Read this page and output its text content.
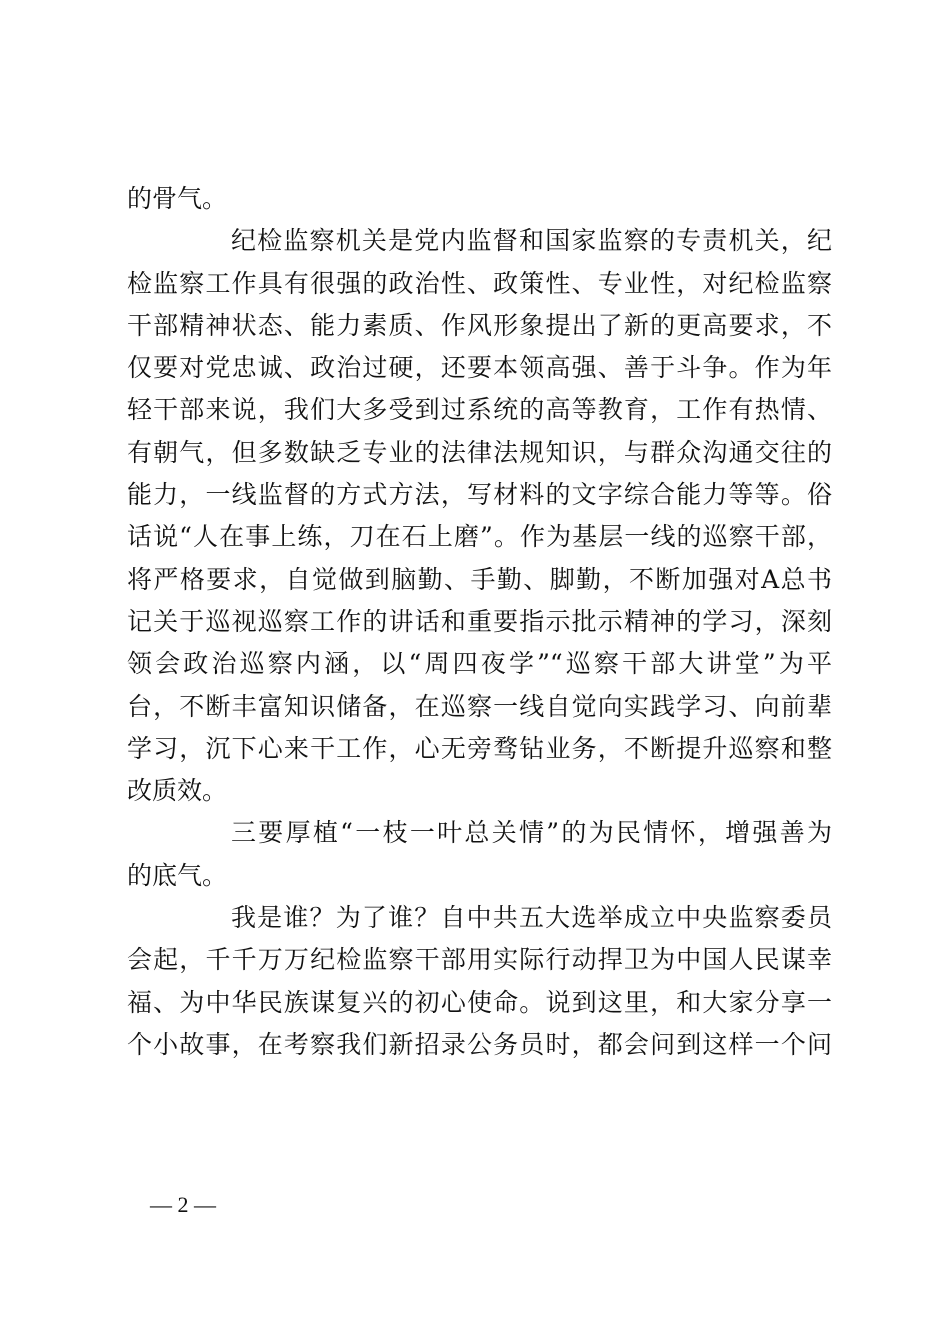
的骨气。
纪检监察机关是党内监督和国家监察的专责机关，纪
检监察工作具有很强的政治性、政策性、专业性，对纪检监察
干部精神状态、能力素质、作风形象提出了新的更高要求，不
仅要对党忠诚、政治过硬，还要本领高强、善于斗争。作为年
轻干部来说，我们大多受到过系统的高等教育，工作有热情、
有朝气，但多数缺乏专业的法律法规知识，与群众沟通交往的
能力，一线监督的方式方法，写材料的文字综合能力等等。俗
话说“人在事上练，刀在石上磨”。作为基层一线的巡察干部，
将严格要求，自觉做到脑勤、手勤、脚勤，不断加强对A总书
记关于巡视巡察工作的讲话和重要指示批示精神的学习，深刻
领会政治巡察内涵，以“周四夜学”“巡察干部大讲堂”为平
台，不断丰富知识储备，在巡察一线自觉向实践学习、向前辈
学习，沉下心来干工作，心无旁骛钻业务，不断提升巡察和整
改质效。
三要厚植“一枝一叶总关情”的为民情怀，增强善为
的底气。
我是谁？为了谁？自中共五大选举成立中央监察委员
会起，千千万万纪检监察干部用实际行动捍卫为中国人民谋幸
福、为中华民族谋复兴的初心使命。说到这里，和大家分享一
个小故事，在考察我们新招录公务员时，都会问到这样一个问
— 2 —
